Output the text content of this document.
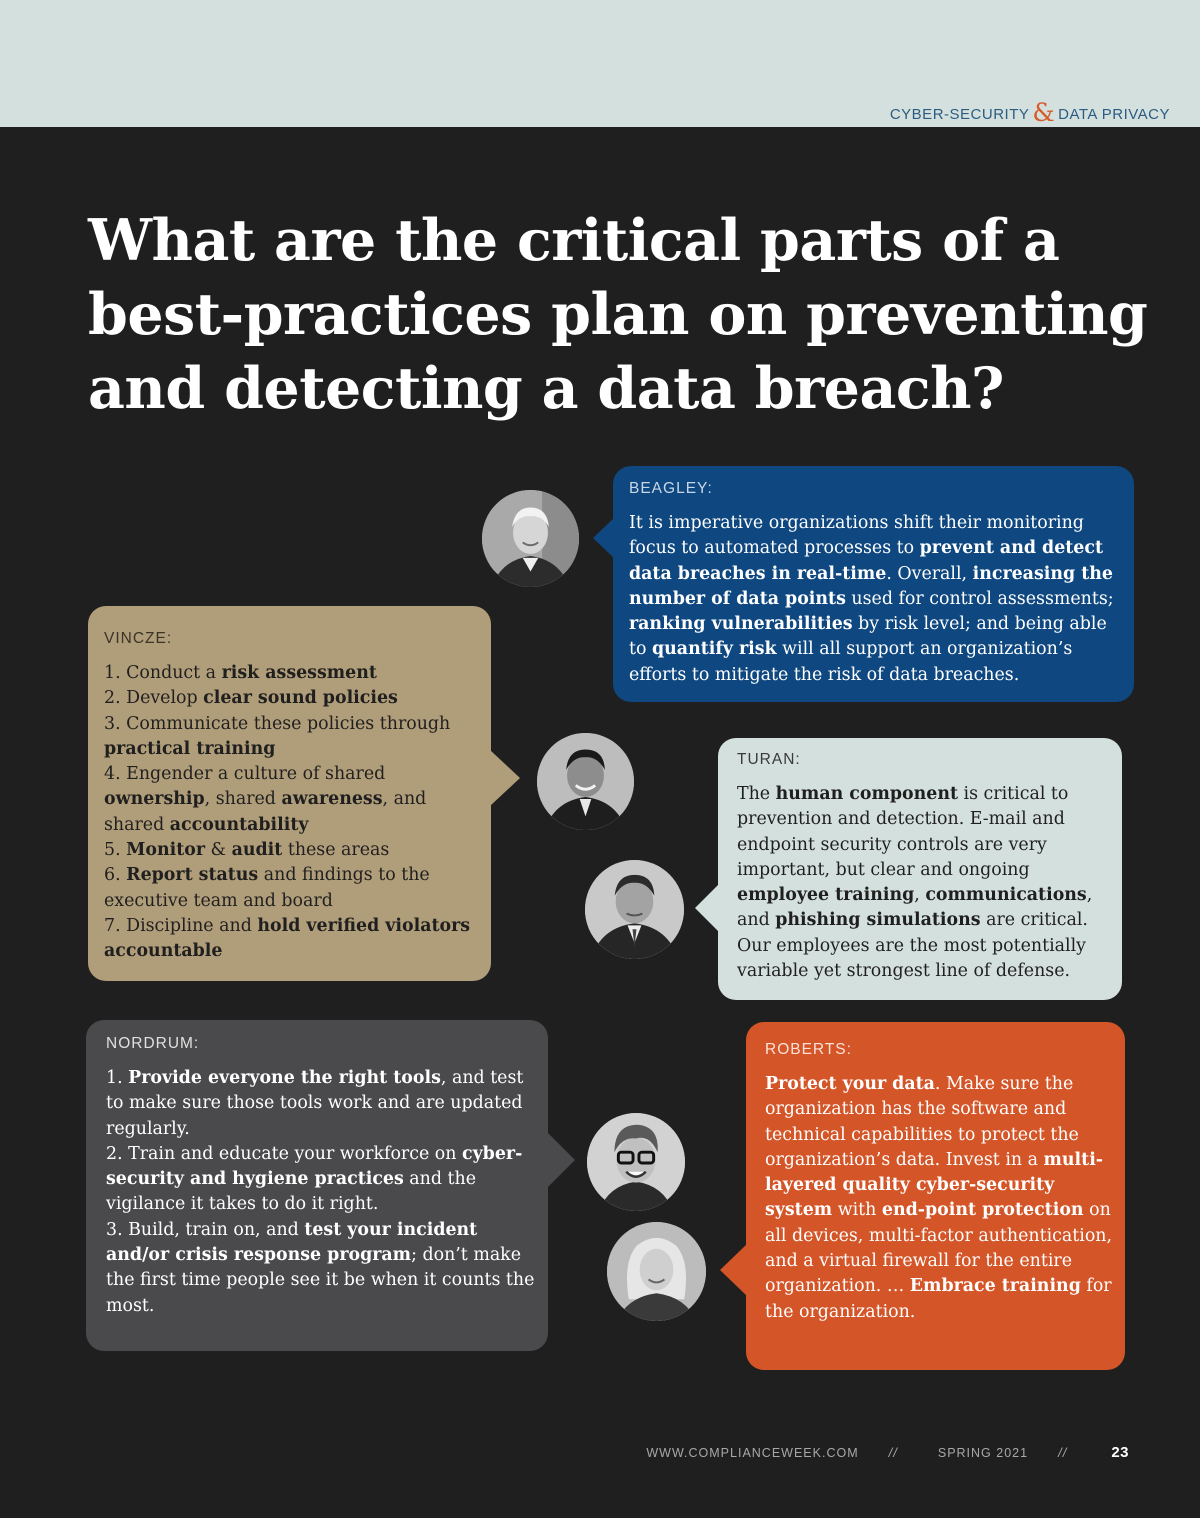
CYBER-SECURITY & DATA PRIVACY
What are the critical parts of a best-practices plan on preventing and detecting a data breach?
BEAGLEY:
It is imperative organizations shift their monitoring focus to automated processes to prevent and detect data breaches in real-time. Overall, increasing the number of data points used for control assessments; ranking vulnerabilities by risk level; and being able to quantify risk will all support an organization’s efforts to mitigate the risk of data breaches.
VINCZE:
1. Conduct a risk assessment
2. Develop clear sound policies
3. Communicate these policies through practical training
4. Engender a culture of shared ownership, shared awareness, and shared accountability
5. Monitor & audit these areas
6. Report status and findings to the executive team and board
7. Discipline and hold verified violators accountable
TURAN:
The human component is critical to prevention and detection. E-mail and endpoint security controls are very important, but clear and ongoing employee training, communications, and phishing simulations are critical. Our employees are the most potentially variable yet strongest line of defense.
NORDRUM:
1. Provide everyone the right tools, and test to make sure those tools work and are updated regularly.
2. Train and educate your workforce on cyber-security and hygiene practices and the vigilance it takes to do it right.
3. Build, train on, and test your incident and/or crisis response program; don’t make the first time people see it be when it counts the most.
ROBERTS:
Protect your data. Make sure the organization has the software and technical capabilities to protect the organization’s data. Invest in a multi-layered quality cyber-security system with end-point protection on all devices, multi-factor authentication, and a virtual firewall for the entire organization. … Embrace training for the organization.
WWW.COMPLIANCEWEEK.COM //	SPRING 2021 //	23
